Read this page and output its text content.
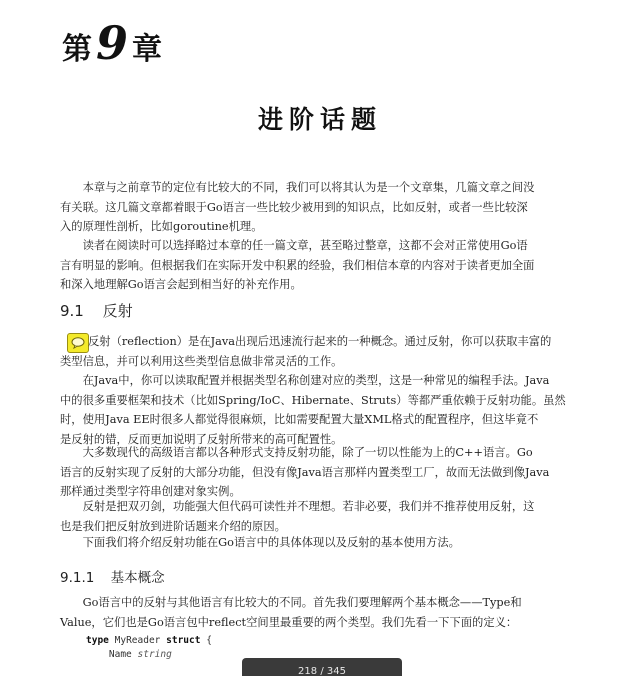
第 9 章
进阶话题

本章与之前章节的定位有比较大的不同，我们可以将其认为是一个文章集，几篇文章之间没
有关联。这几篇文章都着眼于Go语言一些比较少被用到的知识点，比如反射，或者一些比较深
入的原理性剖析，比如goroutine机理。

读者在阅读时可以选择略过本章的任一篇文章，甚至略过整章，这都不会对正常使用Go语
言有明显的影响。但根据我们在实际开发中积累的经验，我们相信本章的内容对于读者更加全面
和深入地理解Go语言会起到相当好的补充作用。

9.1 反射

反射（reflection）是在Java出现后迅速流行起来的一种概念。通过反射，你可以获取丰富的
类型信息，并可以利用这些类型信息做非常灵活的工作。

在Java中，你可以读取配置并根据类型名称创建对应的类型，这是一种常见的编程手法。Java
中的很多重要框架和技术（比如Spring/IoC、Hibernate、Struts）等都严重依赖于反射功能。虽然
时，使用Java EE时很多人都觉得很麻烦，比如需要配置大量XML格式的配置程序，但这毕竟不
是反射的错，反而更加说明了反射所带来的高可配置性。

大多数现代的高级语言都以各种形式支持反射功能，除了一切以性能为上的C++语言。Go
语言的反射实现了反射的大部分功能，但没有像Java语言那样内置类型工厂，故而无法做到像Java
那样通过类型字符串创建对象实例。

反射是把双刃剑，功能强大但代码可读性并不理想。若非必要，我们并不推荐使用反射，这
也是我们把反射放到进阶话题来介绍的原因。

下面我们将介绍反射功能在Go语言中的具体体现以及反射的基本使用方法。

9.1.1 基本概念

Go语言中的反射与其他语言有比较大的不同。首先我们要理解两个基本概念——Type和
Value，它们也是Go语言包中reflect空间里最重要的两个类型。我们先看一下下面的定义：

type MyReader struct {
Name string
218 / 345
